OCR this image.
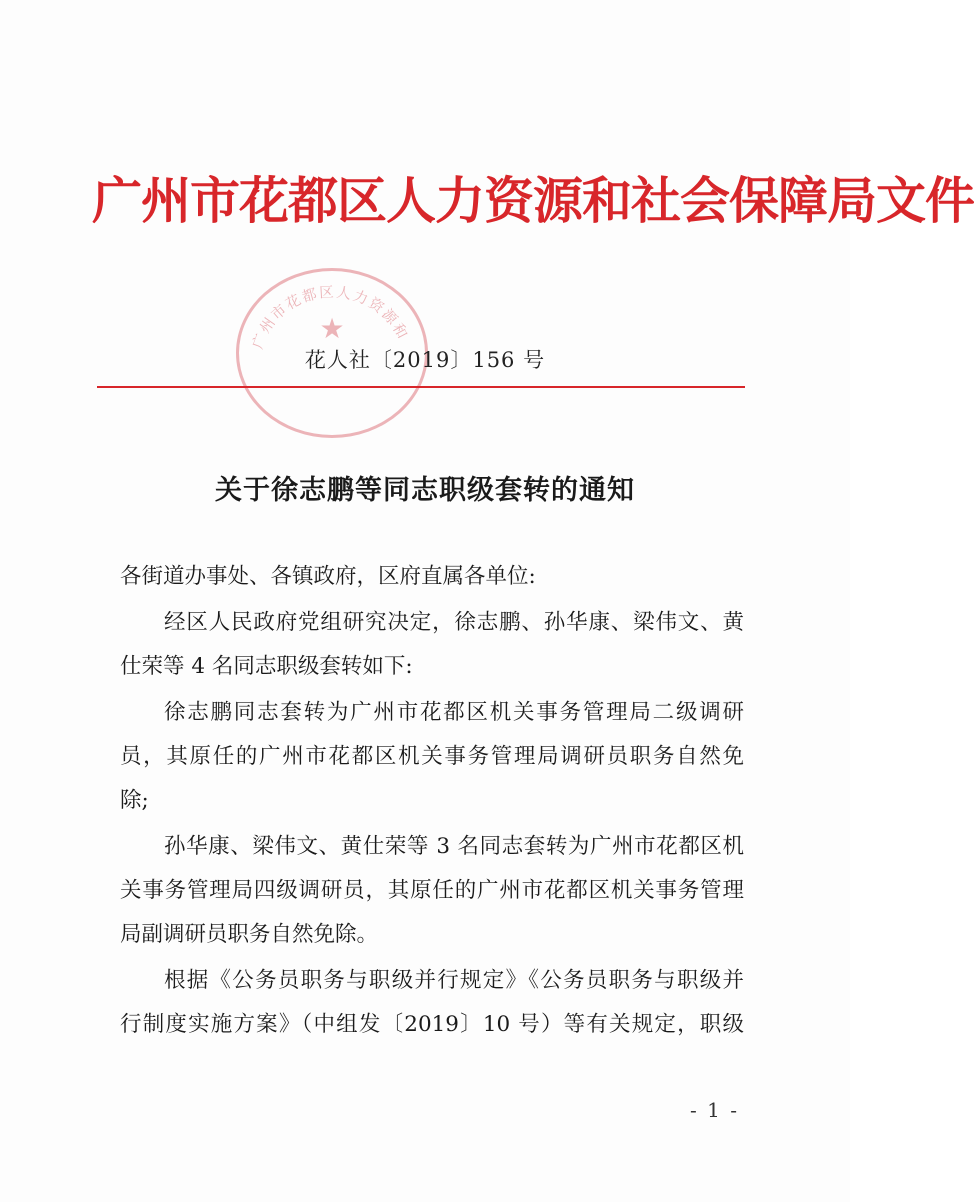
广州市花都区人力资源和社会保障局文件
广州市花都区人力资源和
★
花人社〔2019〕156 号
关于徐志鹏等同志职级套转的通知
各街道办事处、各镇政府，区府直属各单位:
经区人民政府党组研究决定，徐志鹏、孙华康、梁伟文、黄
仕荣等 4 名同志职级套转如下:
徐志鹏同志套转为广州市花都区机关事务管理局二级调研
员，其原任的广州市花都区机关事务管理局调研员职务自然免
除;
孙华康、梁伟文、黄仕荣等 3 名同志套转为广州市花都区机
关事务管理局四级调研员，其原任的广州市花都区机关事务管理
局副调研员职务自然免除。
根据《公务员职务与职级并行规定》《公务员职务与职级并
行制度实施方案》（中组发〔2019〕10 号）等有关规定，职级
- 1 -
